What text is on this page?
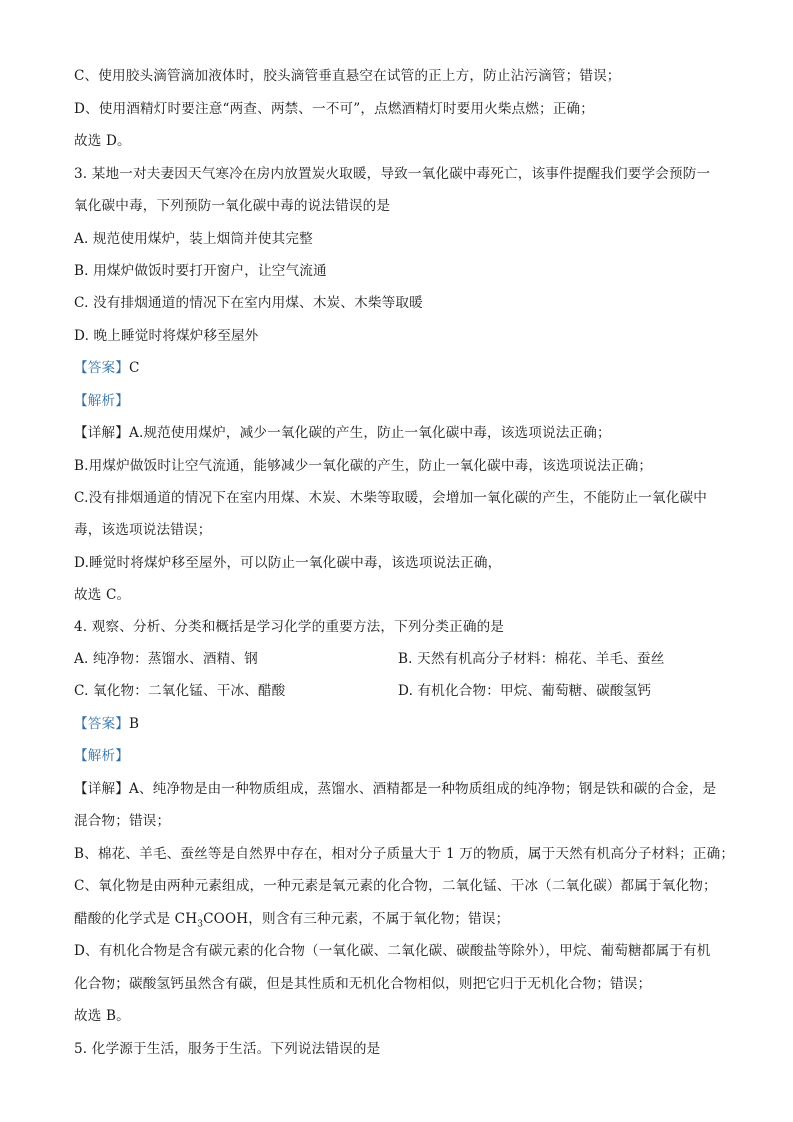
C、使用胶头滴管滴加液体时，胶头滴管垂直悬空在试管的正上方，防止沾污滴管；错误；
D、使用酒精灯时要注意“两查、两禁、一不可”，点燃酒精灯时要用火柴点燃；正确；
故选 D。
3. 某地一对夫妻因天气寒冷在房内放置炭火取暖，导致一氧化碳中毒死亡，该事件提醒我们要学会预防一
氧化碳中毒，下列预防一氧化碳中毒的说法错误的是
A. 规范使用煤炉，装上烟筒并使其完整
B. 用煤炉做饭时要打开窗户，让空气流通
C. 没有排烟通道的情况下在室内用煤、木炭、木柴等取暖
D. 晚上睡觉时将煤炉移至屋外
【答案】C
【解析】
【详解】A.规范使用煤炉，减少一氧化碳的产生，防止一氧化碳中毒，该选项说法正确；
B.用煤炉做饭时让空气流通，能够减少一氧化碳的产生，防止一氧化碳中毒，该选项说法正确；
C.没有排烟通道的情况下在室内用煤、木炭、木柴等取暖，会增加一氧化碳的产生，不能防止一氧化碳中
毒，该选项说法错误；
D.睡觉时将煤炉移至屋外，可以防止一氧化碳中毒，该选项说法正确，
故选 C。
4. 观察、分析、分类和概括是学习化学的重要方法，下列分类正确的是
A. 纯净物：蒸馏水、酒精、钢	B. 天然有机高分子材料：棉花、羊毛、蚕丝
C. 氧化物：二氧化锰、干冰、醋酸	D. 有机化合物：甲烷、葡萄糖、碳酸氢钙
【答案】B
【解析】
【详解】A、纯净物是由一种物质组成，蒸馏水、酒精都是一种物质组成的纯净物；钢是铁和碳的合金，是
混合物；错误；
B、棉花、羊毛、蚕丝等是自然界中存在，相对分子质量大于 1 万的物质，属于天然有机高分子材料；正确；
C、氧化物是由两种元素组成，一种元素是氧元素的化合物，二氧化锰、干冰（二氧化碳）都属于氧化物；
醋酸的化学式是 $CH_3COOH$，则含有三种元素，不属于氧化物；错误；
D、有机化合物是含有碳元素的化合物（一氧化碳、二氧化碳、碳酸盐等除外），甲烷、葡萄糖都属于有机
化合物；碳酸氢钙虽然含有碳，但是其性质和无机化合物相似，则把它归于无机化合物；错误；
故选 B。
5. 化学源于生活，服务于生活。下列说法错误的是
